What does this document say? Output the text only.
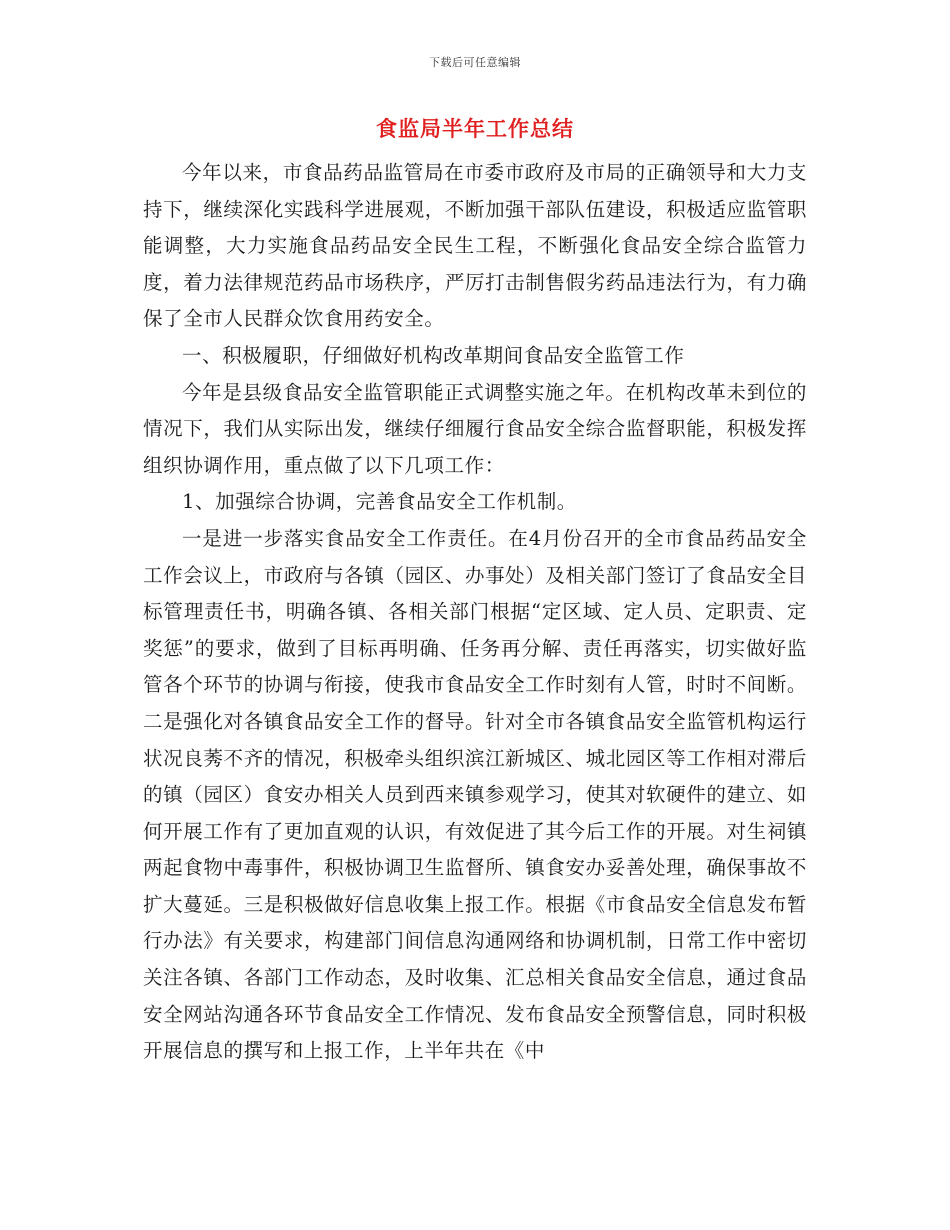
下载后可任意编辑
食监局半年工作总结

今年以来，市食品药品监管局在市委市政府及市局的正确领导和大力支持下，继续深化实践科学进展观，不断加强干部队伍建设，积极适应监管职能调整，大力实施食品药品安全民生工程，不断强化食品安全综合监管力度，着力法律规范药品市场秩序，严厉打击制售假劣药品违法行为，有力确保了全市人民群众饮食用药安全。

一、积极履职，仔细做好机构改革期间食品安全监管工作

今年是县级食品安全监管职能正式调整实施之年。在机构改革未到位的情况下，我们从实际出发，继续仔细履行食品安全综合监督职能，积极发挥组织协调作用，重点做了以下几项工作：

1、加强综合协调，完善食品安全工作机制。

一是进一步落实食品安全工作责任。在4月份召开的全市食品药品安全工作会议上，市政府与各镇（园区、办事处）及相关部门签订了食品安全目标管理责任书，明确各镇、各相关部门根据“定区域、定人员、定职责、定奖惩”的要求，做到了目标再明确、任务再分解、责任再落实，切实做好监管各个环节的协调与衔接，使我市食品安全工作时刻有人管，时时不间断。二是强化对各镇食品安全工作的督导。针对全市各镇食品安全监管机构运行状况良莠不齐的情况，积极牵头组织滨江新城区、城北园区等工作相对滞后的镇（园区）食安办相关人员到西来镇参观学习，使其对软硬件的建立、如何开展工作有了更加直观的认识，有效促进了其今后工作的开展。对生祠镇两起食物中毒事件，积极协调卫生监督所、镇食安办妥善处理，确保事故不扩大蔓延。三是积极做好信息收集上报工作。根据《市食品安全信息发布暂行办法》有关要求，构建部门间信息沟通网络和协调机制，日常工作中密切关注各镇、各部门工作动态，及时收集、汇总相关食品安全信息，通过食品安全网站沟通各环节食品安全工作情况、发布食品安全预警信息，同时积极开展信息的撰写和上报工作，上半年共在《中
